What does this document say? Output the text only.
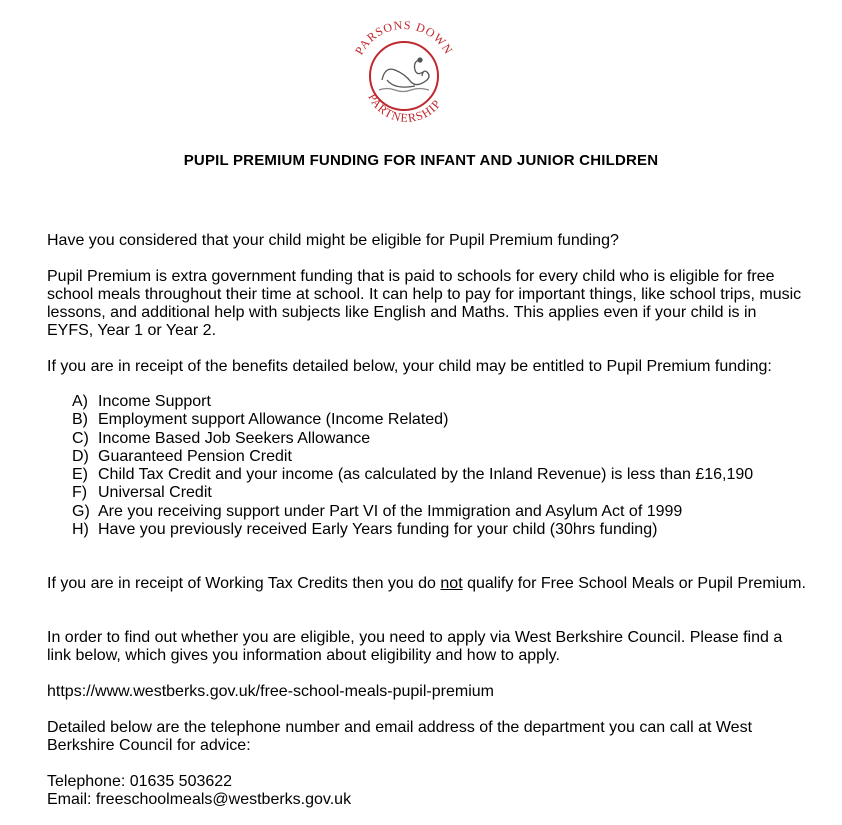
PARSONS DOWN
PARTNERSHIP
PUPIL PREMIUM FUNDING FOR INFANT AND JUNIOR CHILDREN

Have you considered that your child might be eligible for Pupil Premium funding?

Pupil Premium is extra government funding that is paid to schools for every child who is eligible for free school meals throughout their time at school. It can help to pay for important things, like school trips, music lessons, and additional help with subjects like English and Maths. This applies even if your child is in EYFS, Year 1 or Year 2.

If you are in receipt of the benefits detailed below, your child may be entitled to Pupil Premium funding:

A) Income Support
B) Employment support Allowance (Income Related)
C) Income Based Job Seekers Allowance
D) Guaranteed Pension Credit
E) Child Tax Credit and your income (as calculated by the Inland Revenue) is less than £16,190
F) Universal Credit
G) Are you receiving support under Part VI of the Immigration and Asylum Act of 1999
H) Have you previously received Early Years funding for your child (30hrs funding)

If you are in receipt of Working Tax Credits then you do not qualify for Free School Meals or Pupil Premium.

In order to find out whether you are eligible, you need to apply via West Berkshire Council. Please find a link below, which gives you information about eligibility and how to apply.

https://www.westberks.gov.uk/free-school-meals-pupil-premium

Detailed below are the telephone number and email address of the department you can call at West Berkshire Council for advice:

Telephone: 01635 503622

Email: freeschoolmeals@westberks.gov.uk
